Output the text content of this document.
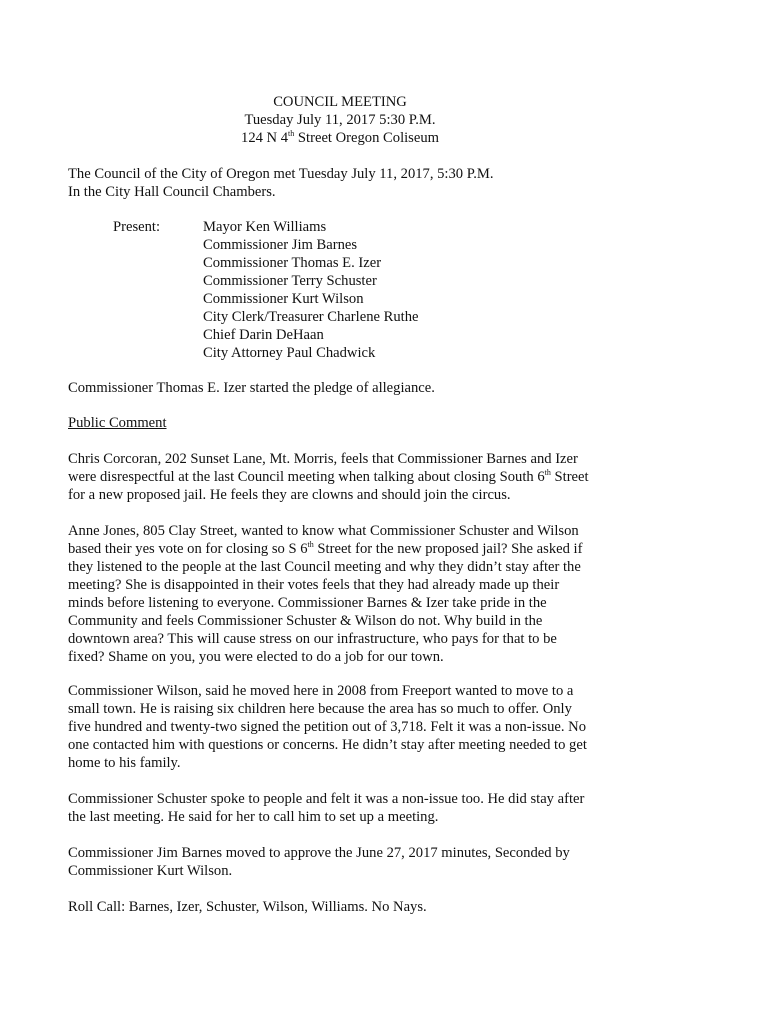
COUNCIL MEETING
Tuesday July 11, 2017 5:30 P.M.
124 N 4th Street Oregon Coliseum
The Council of the City of Oregon met Tuesday July 11, 2017, 5:30 P.M.
In the City Hall Council Chambers.
Present:	Mayor Ken Williams
Commissioner Jim Barnes
Commissioner Thomas E. Izer
Commissioner Terry Schuster
Commissioner Kurt Wilson
City Clerk/Treasurer Charlene Ruthe
Chief Darin DeHaan
City Attorney Paul Chadwick
Commissioner Thomas E. Izer started the pledge of allegiance.
Public Comment
Chris Corcoran, 202 Sunset Lane, Mt. Morris, feels that Commissioner Barnes and Izer
were disrespectful at the last Council meeting when talking about closing South 6th Street
for a new proposed jail. He feels they are clowns and should join the circus.
Anne Jones, 805 Clay Street, wanted to know what Commissioner Schuster and Wilson
based their yes vote on for closing so S 6th Street for the new proposed jail? She asked if
they listened to the people at the last Council meeting and why they didn’t stay after the
meeting? She is disappointed in their votes feels that they had already made up their
minds before listening to everyone. Commissioner Barnes & Izer take pride in the
Community and feels Commissioner Schuster & Wilson do not. Why build in the
downtown area? This will cause stress on our infrastructure, who pays for that to be
fixed? Shame on you, you were elected to do a job for our town.
Commissioner Wilson, said he moved here in 2008 from Freeport wanted to move to a
small town. He is raising six children here because the area has so much to offer. Only
five hundred and twenty-two signed the petition out of 3,718. Felt it was a non-issue. No
one contacted him with questions or concerns. He didn’t stay after meeting needed to get
home to his family.
Commissioner Schuster spoke to people and felt it was a non-issue too. He did stay after
the last meeting. He said for her to call him to set up a meeting.
Commissioner Jim Barnes moved to approve the June 27, 2017 minutes, Seconded by
Commissioner Kurt Wilson.
Roll Call: Barnes, Izer, Schuster, Wilson, Williams. No Nays.
